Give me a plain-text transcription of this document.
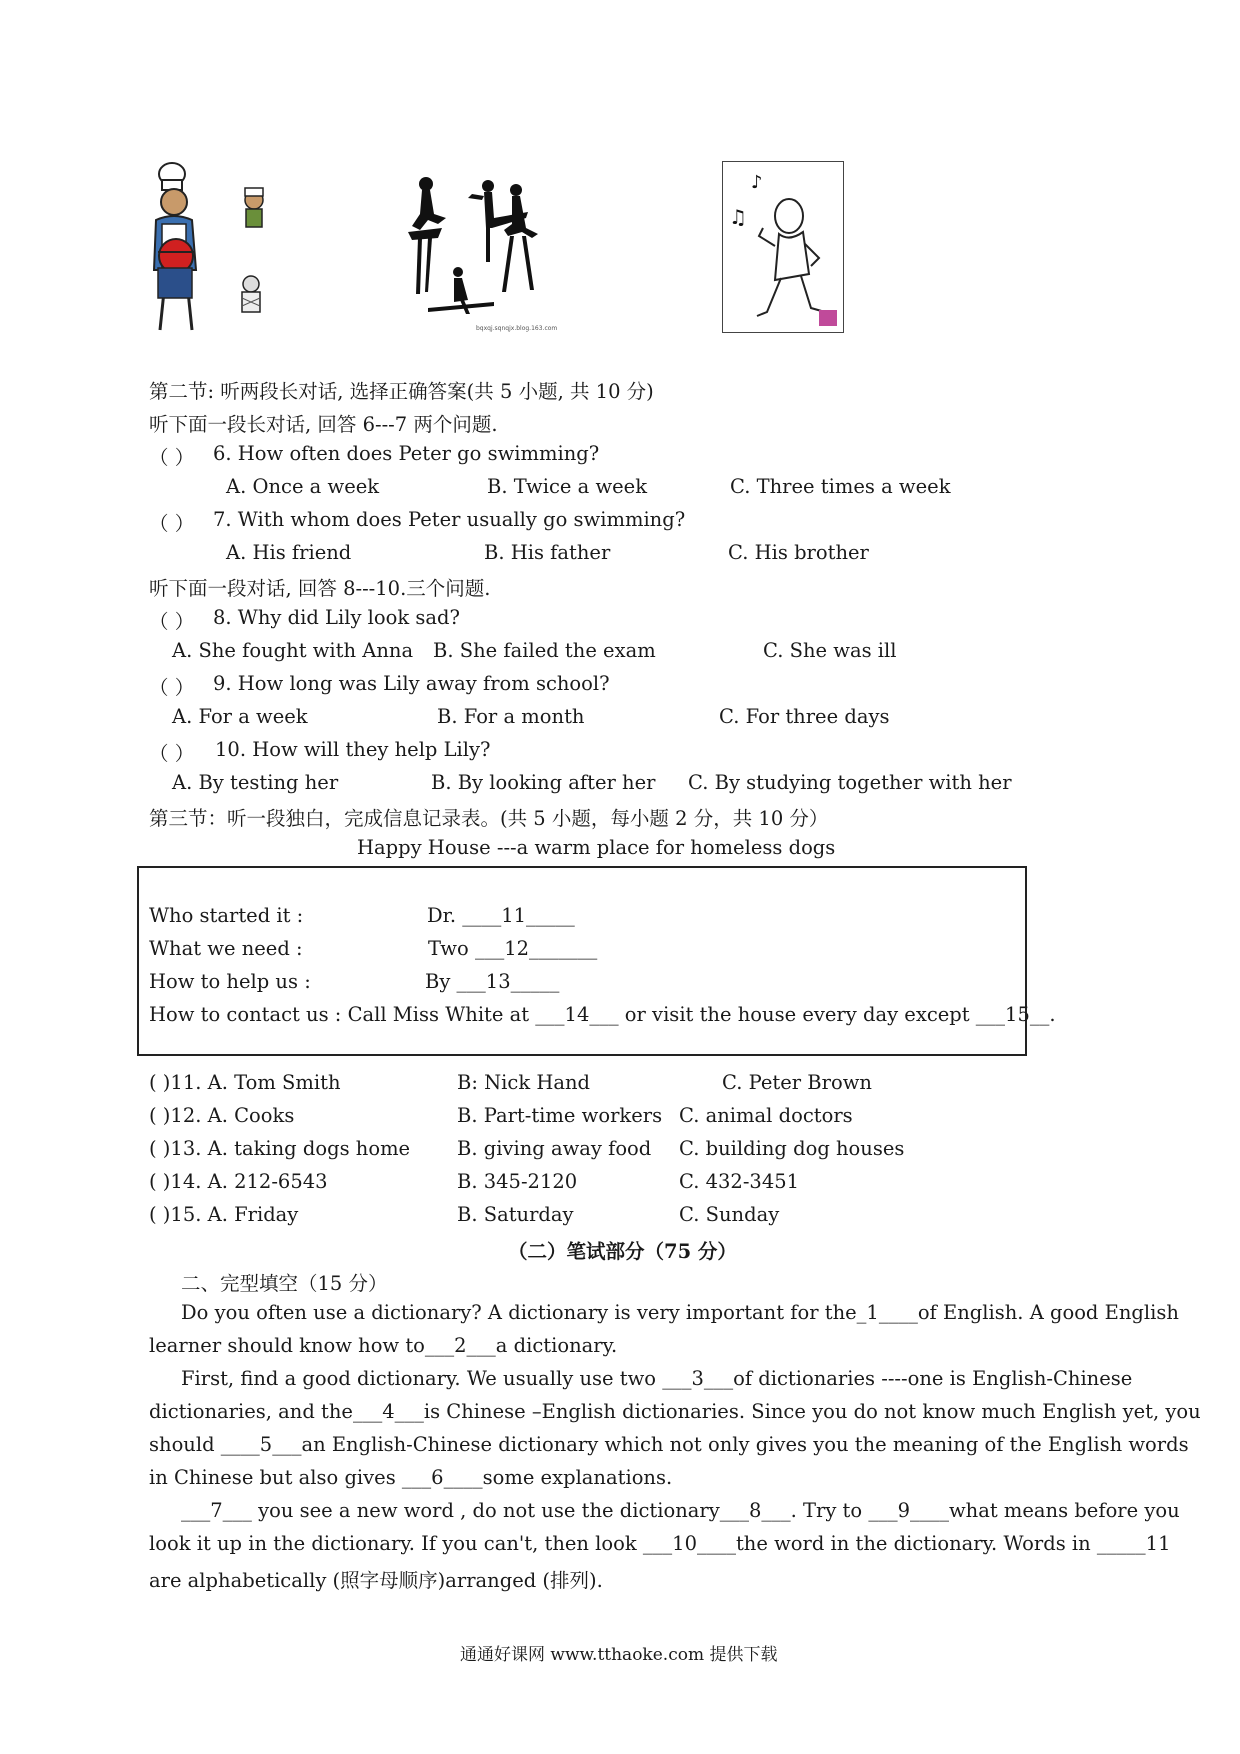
bqxqj.sqnqjx.blog.163.com
♪
♫
第二节: 听两段长对话, 选择正确答案(共 5 小题, 共 10 分)
听下面一段长对话, 回答 6---7 两个问题.
（ ） 6. How often does Peter go swimming?
A. Once a week	B. Twice a week	C. Three times a week
（ ） 7. With whom does Peter usually go swimming?
A. His friend	B. His father	C. His brother
听下面一段对话, 回答 8---10.三个问题.
（ ） 8. Why did Lily look sad?
A. She fought with Anna B. She failed the exam	C. She was ill
（ ） 9. How long was Lily away from school?
A. For a week	B. For a month	C. For three days
（ ） 10. How will they help Lily?
A. By testing her	B. By looking after her C. By studying together with her
第三节：听一段独白，完成信息记录表。(共 5 小题，每小题 2 分，共 10 分）
Happy House ---a warm place for homeless dogs
Who started it :	Dr. ____11_____
What we need :	Two ___12_______
How to help us :	By ___13_____
How to contact us : Call Miss White at ___14___ or visit the house every day except ___15__.
( )11. A. Tom Smith	B: Nick Hand	C. Peter Brown
( )12. A. Cooks	B. Part-time workers C. animal doctors
( )13. A. taking dogs home B. giving away food C. building dog houses
( )14. A. 212-6543	B. 345-2120	C. 432-3451
( )15. A. Friday	B. Saturday	C. Sunday
（二）笔试部分（75 分）
二、完型填空（15 分）
Do you often use a dictionary? A dictionary is very important for the_1____of English. A good English
learner should know how to___2___a dictionary.
First, find a good dictionary. We usually use two ___3___of dictionaries ----one is English-Chinese
dictionaries, and the___4___is Chinese –English dictionaries. Since you do not know much English yet, you
should ____5___an English-Chinese dictionary which not only gives you the meaning of the English words
in Chinese but also gives ___6____some explanations.
___7___ you see a new word , do not use the dictionary___8___. Try to ___9____what means before you
look it up in the dictionary. If you can't, then look ___10____the word in the dictionary. Words in _____11
are alphabetically (照字母顺序)arranged (排列).
通通好课网 www.tthaoke.com 提供下载
